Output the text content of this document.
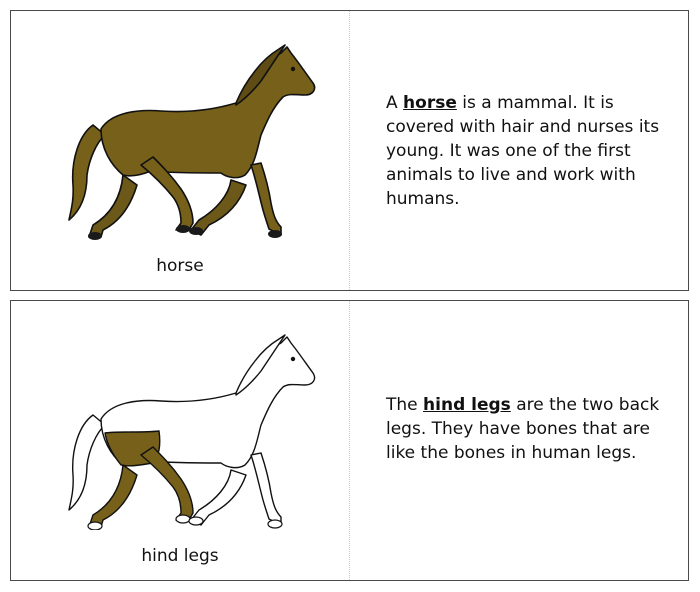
horse
A horse is a mammal. It is covered with hair and nurses its young. It was one of the first animals to live and work with humans.
hind legs
The hind legs are the two back legs. They have bones that are like the bones in human legs.
